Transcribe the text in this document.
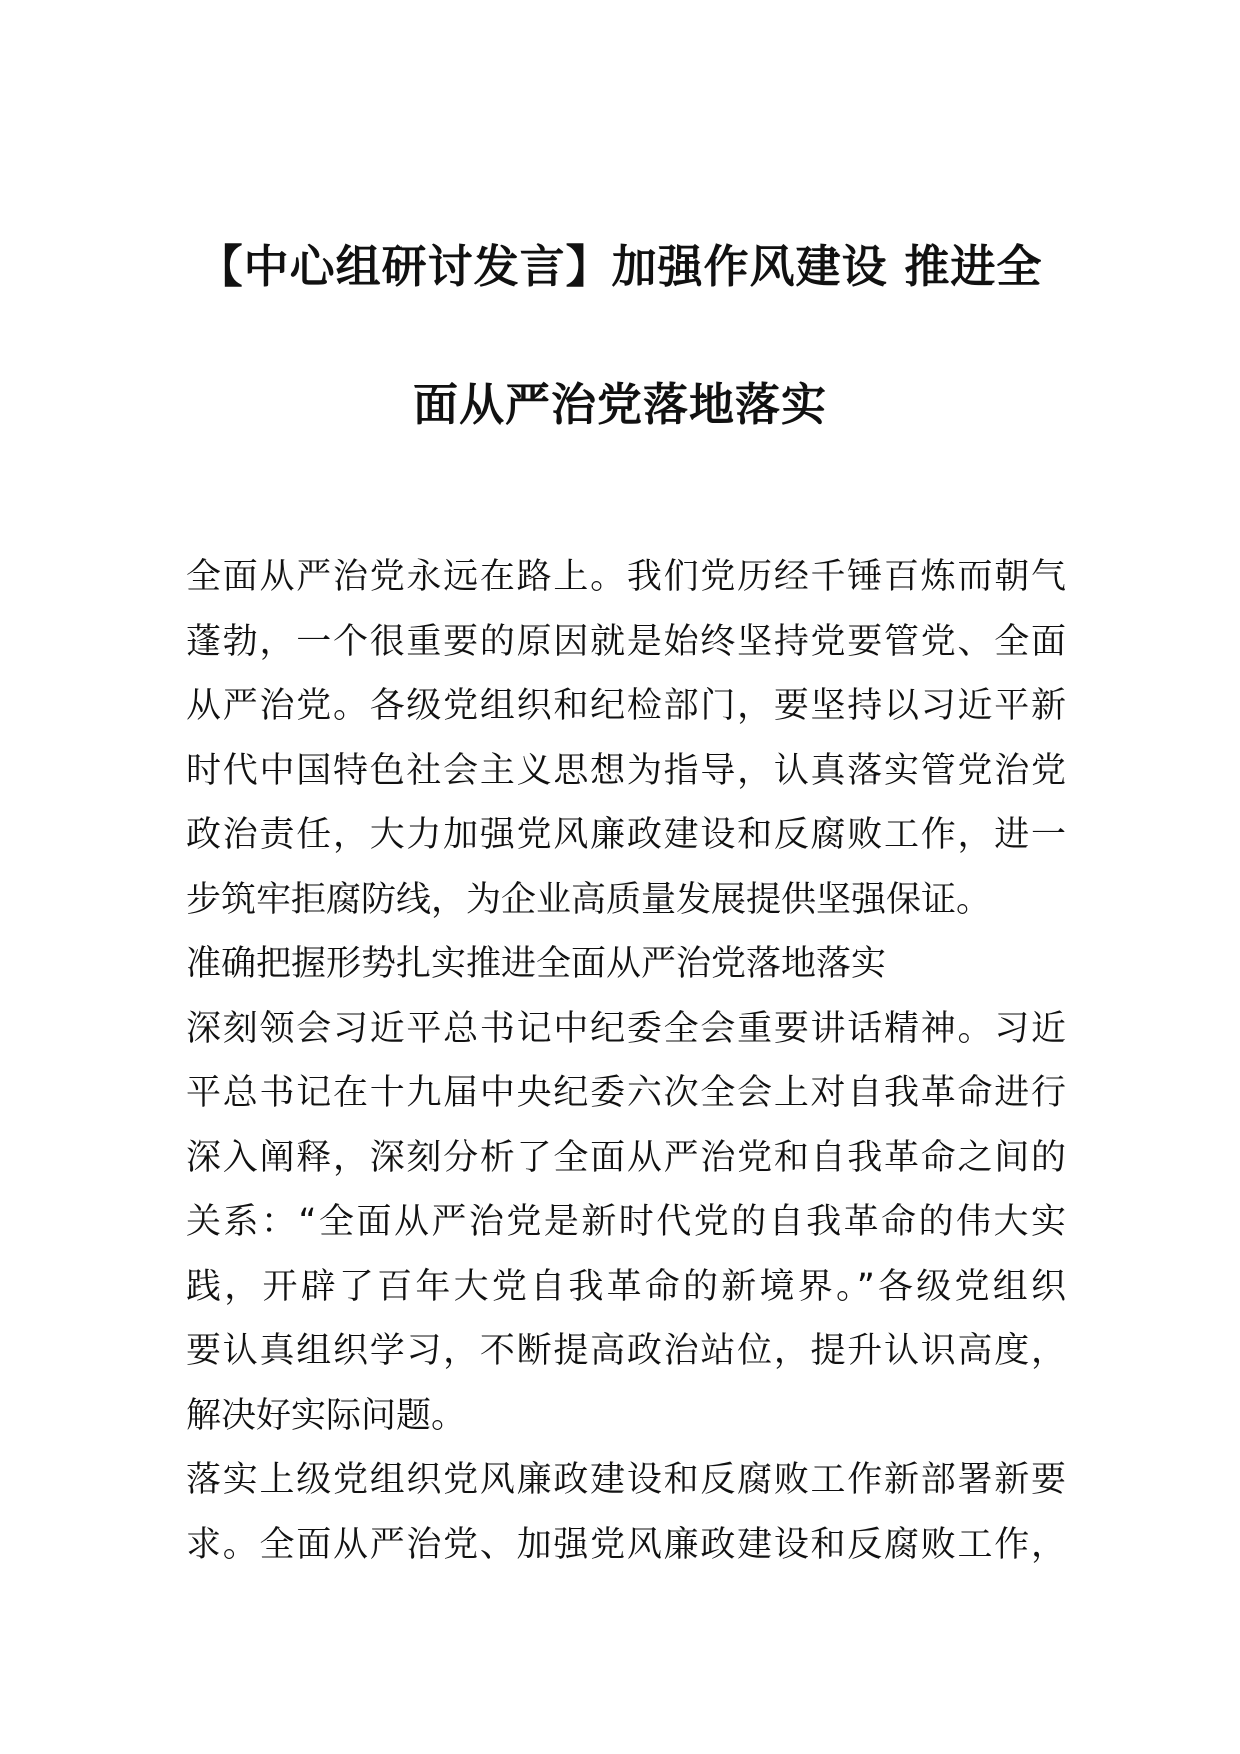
【中心组研讨发言】加强作风建设 推进全
面从严治党落地落实
全面从严治党永远在路上。我们党历经千锤百炼而朝气
蓬勃，一个很重要的原因就是始终坚持党要管党、全面
从严治党。各级党组织和纪检部门，要坚持以习近平新
时代中国特色社会主义思想为指导，认真落实管党治党
政治责任，大力加强党风廉政建设和反腐败工作，进一
步筑牢拒腐防线，为企业高质量发展提供坚强保证。
准确把握形势扎实推进全面从严治党落地落实
深刻领会习近平总书记中纪委全会重要讲话精神。习近
平总书记在十九届中央纪委六次全会上对自我革命进行
深入阐释，深刻分析了全面从严治党和自我革命之间的
关系：“全面从严治党是新时代党的自我革命的伟大实
践，开辟了百年大党自我革命的新境界。”各级党组织
要认真组织学习，不断提高政治站位，提升认识高度，
解决好实际问题。
落实上级党组织党风廉政建设和反腐败工作新部署新要
求。全面从严治党、加强党风廉政建设和反腐败工作，
